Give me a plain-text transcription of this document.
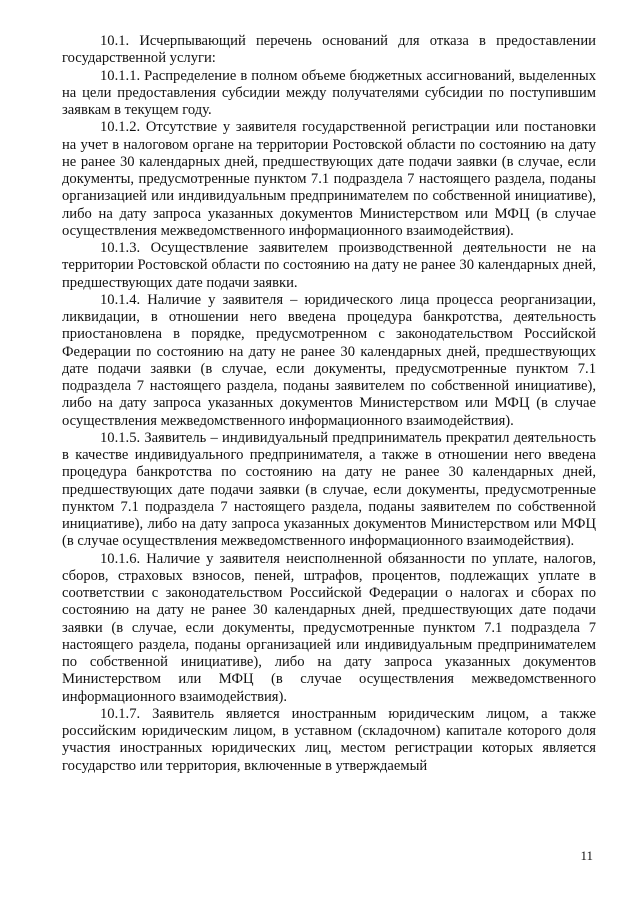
10.1. Исчерпывающий перечень оснований для отказа в предоставлении государственной услуги:

10.1.1. Распределение в полном объеме бюджетных ассигнований, выделенных на цели предоставления субсидии между получателями субсидии по поступившим заявкам в текущем году.

10.1.2. Отсутствие у заявителя государственной регистрации или постановки на учет в налоговом органе на территории Ростовской области по состоянию на дату не ранее 30 календарных дней, предшествующих дате подачи заявки (в случае, если документы, предусмотренные пунктом 7.1 подраздела 7 настоящего раздела, поданы организацией или индивидуальным предпринимателем по собственной инициативе), либо на дату запроса указанных документов Министерством или МФЦ (в случае осуществления межведомственного информационного взаимодействия).

10.1.3. Осуществление заявителем производственной деятельности не на территории Ростовской области по состоянию на дату не ранее 30 календарных дней, предшествующих дате подачи заявки.

10.1.4. Наличие у заявителя – юридического лица процесса реорганизации, ликвидации, в отношении него введена процедура банкротства, деятельность приостановлена в порядке, предусмотренном с законодательством Российской Федерации по состоянию на дату не ранее 30 календарных дней, предшествующих дате подачи заявки (в случае, если документы, предусмотренные пунктом 7.1 подраздела 7 настоящего раздела, поданы заявителем по собственной инициативе), либо на дату запроса указанных документов Министерством или МФЦ (в случае осуществления межведомственного информационного взаимодействия).

10.1.5. Заявитель – индивидуальный предприниматель прекратил деятельность в качестве индивидуального предпринимателя, а также в отношении него введена процедура банкротства по состоянию на дату не ранее 30 календарных дней, предшествующих дате подачи заявки (в случае, если документы, предусмотренные пунктом 7.1 подраздела 7 настоящего раздела, поданы заявителем по собственной инициативе), либо на дату запроса указанных документов Министерством или МФЦ (в случае осуществления межведомственного информационного взаимодействия).

10.1.6. Наличие у заявителя неисполненной обязанности по уплате, налогов, сборов, страховых взносов, пеней, штрафов, процентов, подлежащих уплате в соответствии с законодательством Российской Федерации о налогах и сборах по состоянию на дату не ранее 30 календарных дней, предшествующих дате подачи заявки (в случае, если документы, предусмотренные пунктом 7.1 подраздела 7 настоящего раздела, поданы организацией или индивидуальным предпринимателем по собственной инициативе), либо на дату запроса указанных документов Министерством или МФЦ (в случае осуществления межведомственного информационного взаимодействия).

10.1.7. Заявитель является иностранным юридическим лицом, а также российским юридическим лицом, в уставном (складочном) капитале которого доля участия иностранных юридических лиц, местом регистрации которых является государство или территория, включенные в утверждаемый

11
